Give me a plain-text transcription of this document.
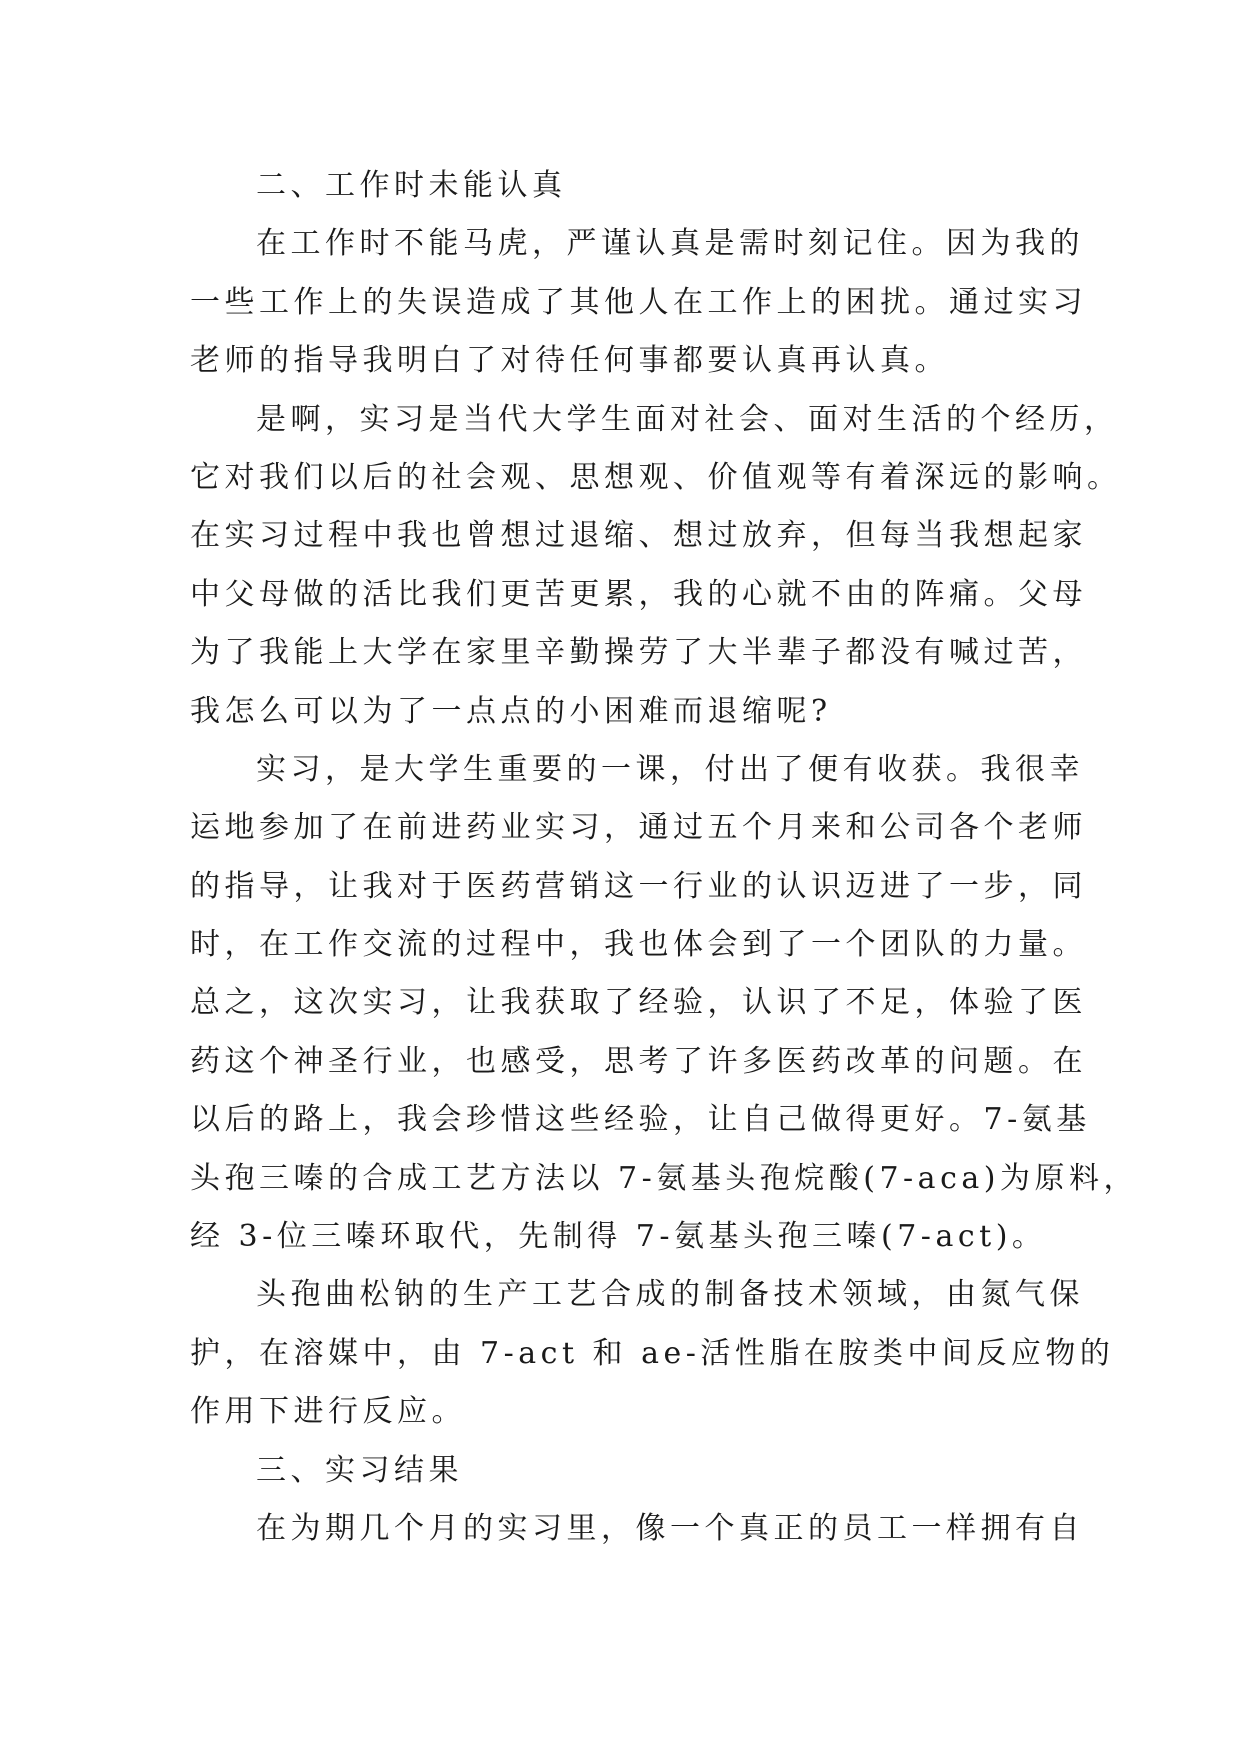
二、工作时未能认真
在工作时不能马虎，严谨认真是需时刻记住。因为我的
一些工作上的失误造成了其他人在工作上的困扰。通过实习
老师的指导我明白了对待任何事都要认真再认真。
是啊，实习是当代大学生面对社会、面对生活的个经历，
它对我们以后的社会观、思想观、价值观等有着深远的影响。
在实习过程中我也曾想过退缩、想过放弃，但每当我想起家
中父母做的活比我们更苦更累，我的心就不由的阵痛。父母
为了我能上大学在家里辛勤操劳了大半辈子都没有喊过苦，
我怎么可以为了一点点的小困难而退缩呢?
实习，是大学生重要的一课，付出了便有收获。我很幸
运地参加了在前进药业实习，通过五个月来和公司各个老师
的指导，让我对于医药营销这一行业的认识迈进了一步，同
时，在工作交流的过程中，我也体会到了一个团队的力量。
总之，这次实习，让我获取了经验，认识了不足，体验了医
药这个神圣行业，也感受，思考了许多医药改革的问题。在
以后的路上，我会珍惜这些经验，让自己做得更好。7-氨基
头孢三嗪的合成工艺方法以 7-氨基头孢烷酸(7-aca)为原料，
经 3-位三嗪环取代，先制得 7-氨基头孢三嗪(7-act)。
头孢曲松钠的生产工艺合成的制备技术领域，由氮气保
护，在溶媒中，由 7-act 和 ae-活性脂在胺类中间反应物的
作用下进行反应。
三、实习结果
在为期几个月的实习里，像一个真正的员工一样拥有自
